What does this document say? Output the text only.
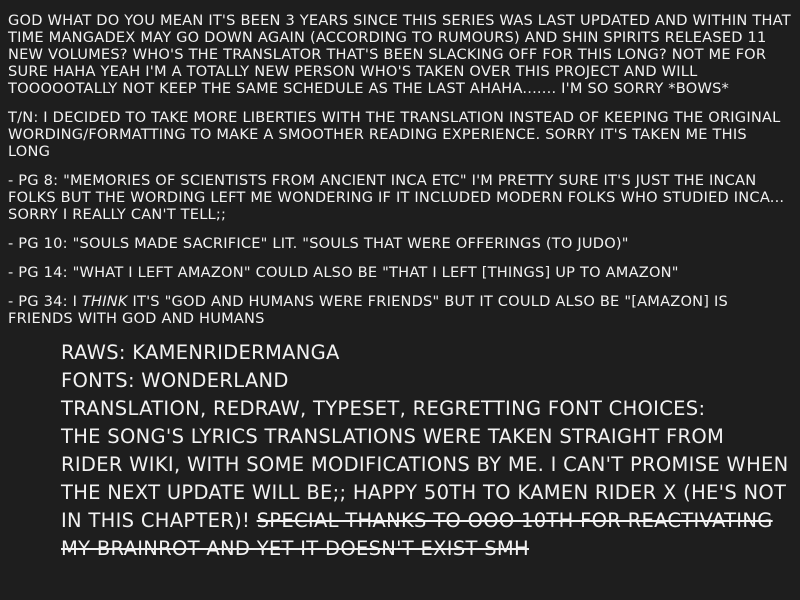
GOD WHAT DO YOU MEAN IT'S BEEN 3 YEARS SINCE THIS SERIES WAS LAST UPDATED AND WITHIN THAT TIME MANGADEX MAY GO DOWN AGAIN (ACCORDING TO RUMOURS) AND SHIN SPIRITS RELEASED 11 NEW VOLUMES? WHO'S THE TRANSLATOR THAT'S BEEN SLACKING OFF FOR THIS LONG? NOT ME FOR SURE HAHA YEAH I'M A TOTALLY NEW PERSON WHO'S TAKEN OVER THIS PROJECT AND WILL TOOOOOTALLY NOT KEEP THE SAME SCHEDULE AS THE LAST AHAHA....... I'M SO SORRY *BOWS*

T/N: I DECIDED TO TAKE MORE LIBERTIES WITH THE TRANSLATION INSTEAD OF KEEPING THE ORIGINAL WORDING/FORMATTING TO MAKE A SMOOTHER READING EXPERIENCE. SORRY IT'S TAKEN ME THIS LONG

- PG 8: "MEMORIES OF SCIENTISTS FROM ANCIENT INCA ETC" I'M PRETTY SURE IT'S JUST THE INCAN FOLKS BUT THE WORDING LEFT ME WONDERING IF IT INCLUDED MODERN FOLKS WHO STUDIED INCA... SORRY I REALLY CAN'T TELL;;

- PG 10: "SOULS MADE SACRIFICE" LIT. "SOULS THAT WERE OFFERINGS (TO JUDO)"

- PG 14: "WHAT I LEFT AMAZON" COULD ALSO BE "THAT I LEFT [THINGS] UP TO AMAZON"

- PG 34: I THINK IT'S "GOD AND HUMANS WERE FRIENDS" BUT IT COULD ALSO BE "[AMAZON] IS FRIENDS WITH GOD AND HUMANS

RAWS: KAMENRIDERMANGA
FONTS: WONDERLAND
TRANSLATION, REDRAW, TYPESET, REGRETTING FONT CHOICES:
THE SONG'S LYRICS TRANSLATIONS WERE TAKEN STRAIGHT FROM RIDER WIKI, WITH SOME MODIFICATIONS BY ME. I CAN'T PROMISE WHEN THE NEXT UPDATE WILL BE;; HAPPY 50TH TO KAMEN RIDER X (HE'S NOT IN THIS CHAPTER)! SPECIAL THANKS TO OOO 10TH FOR REACTIVATING MY BRAINROT AND YET IT DOESN'T EXIST SMH
